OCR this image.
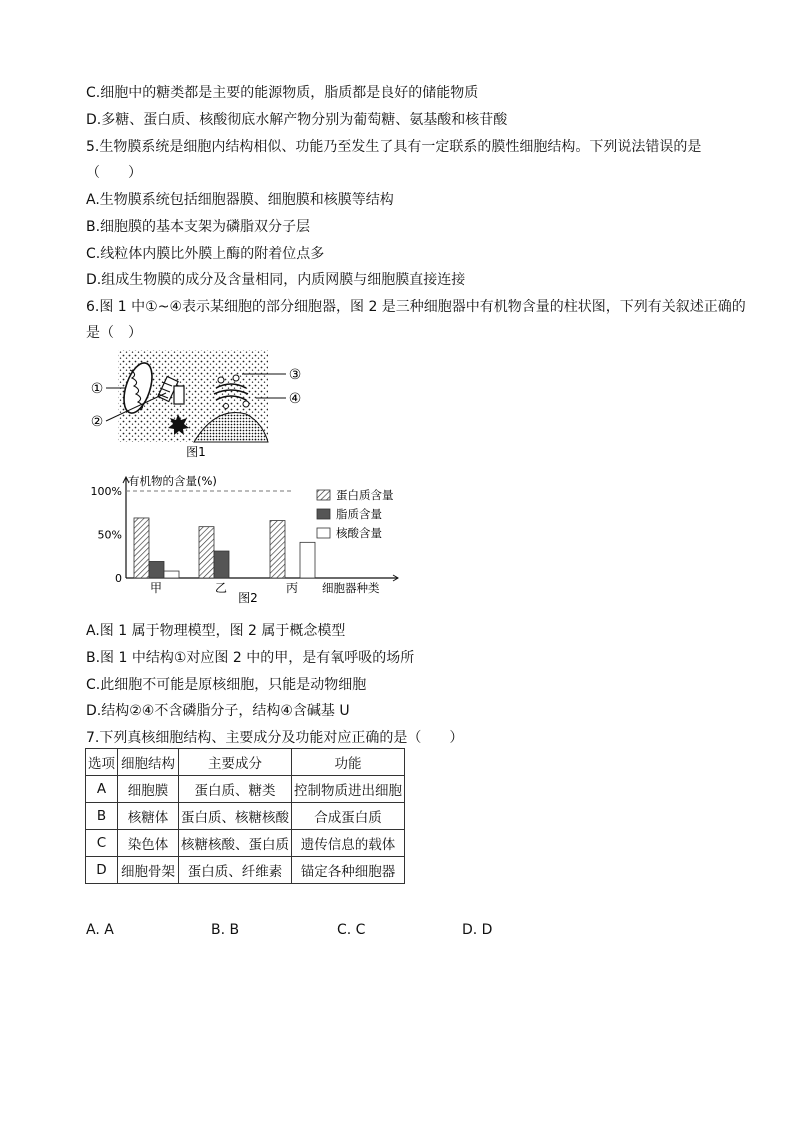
C.细胞中的糖类都是主要的能源物质，脂质都是良好的储能物质
D.多糖、蛋白质、核酸彻底水解产物分别为葡萄糖、氨基酸和核苷酸
5.生物膜系统是细胞内结构相似、功能乃至发生了具有一定联系的膜性细胞结构。下列说法错误的是
（　　）
A.生物膜系统包括细胞器膜、细胞膜和核膜等结构
B.细胞膜的基本支架为磷脂双分子层
C.线粒体内膜比外膜上酶的附着位点多
D.组成生物膜的成分及含量相同，内质网膜与细胞膜直接连接
6.图 1 中①~④表示某细胞的部分细胞器，图 2 是三种细胞器中有机物含量的柱状图，下列有关叙述正确的
是（　）
①
②
③
④
图1
100%
50%
0
有机物的含量(%)
甲	乙	丙 细胞器种类
蛋白质含量
脂质含量
核酸含量
图2
A.图 1 属于物理模型，图 2 属于概念模型
B.图 1 中结构①对应图 2 中的甲，是有氧呼吸的场所
C.此细胞不可能是原核细胞，只能是动物细胞
D.结构②④不含磷脂分子，结构④含碱基 U
7.下列真核细胞结构、主要成分及功能对应正确的是（　　）
选项	细胞结构	主要成分	功能
A	细胞膜	蛋白质、糖类	控制物质进出细胞
B	核糖体	蛋白质、核糖核酸	合成蛋白质
C	染色体	核糖核酸、蛋白质	遗传信息的载体
D	细胞骨架	蛋白质、纤维素	锚定各种细胞器
A. A	B. B	C. C	D. D
